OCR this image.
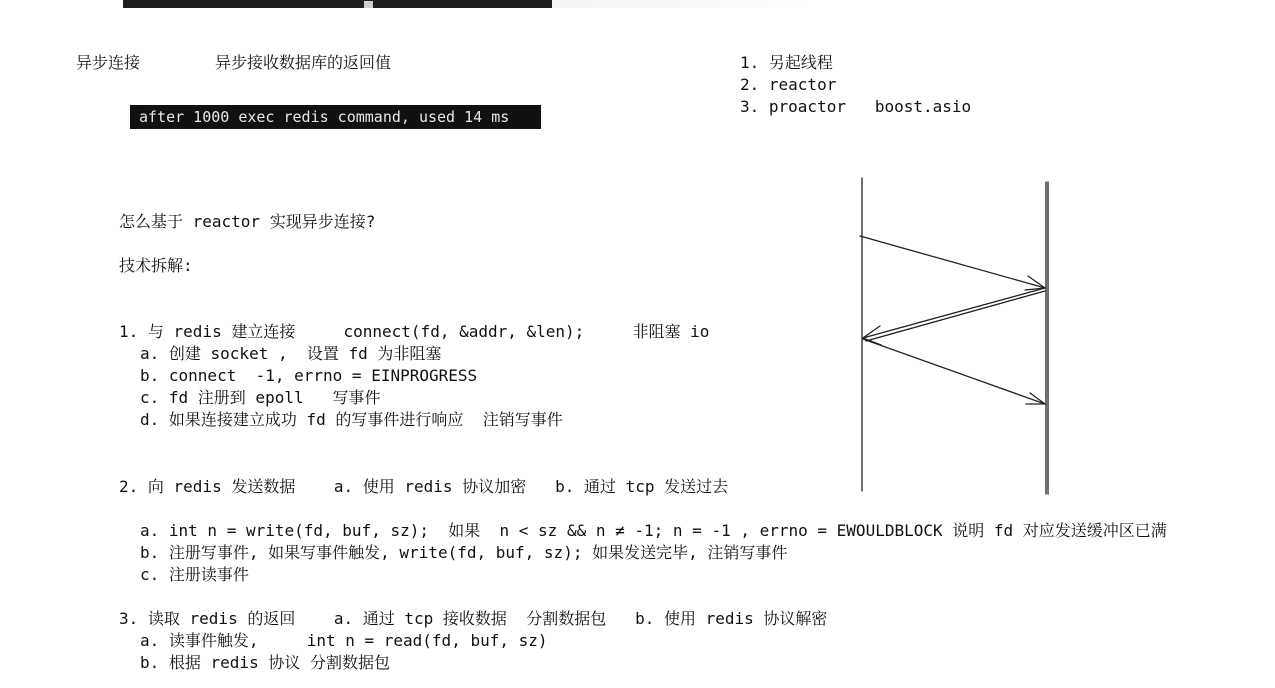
异步连接	异步接收数据库的返回值
after 1000 exec redis command, used 14 ms
1. 另起线程
2. reactor
3. proactor   boost.asio
怎么基于 reactor 实现异步连接?
技术拆解:
1. 与 redis 建立连接     connect(fd, &addr, &len);     非阻塞 io
a. 创建 socket ,  设置 fd 为非阻塞
b. connect  -1, errno = EINPROGRESS
c. fd 注册到 epoll   写事件
d. 如果连接建立成功 fd 的写事件进行响应  注销写事件
2. 向 redis 发送数据    a. 使用 redis 协议加密   b. 通过 tcp 发送过去
a. int n = write(fd, buf, sz);  如果  n < sz && n ≠ -1; n = -1 , errno = EWOULDBLOCK 说明 fd 对应发送缓冲区已满
b. 注册写事件, 如果写事件触发, write(fd, buf, sz); 如果发送完毕, 注销写事件
c. 注册读事件
3. 读取 redis 的返回    a. 通过 tcp 接收数据  分割数据包   b. 使用 redis 协议解密
a. 读事件触发,     int n = read(fd, buf, sz)
b. 根据 redis 协议 分割数据包
